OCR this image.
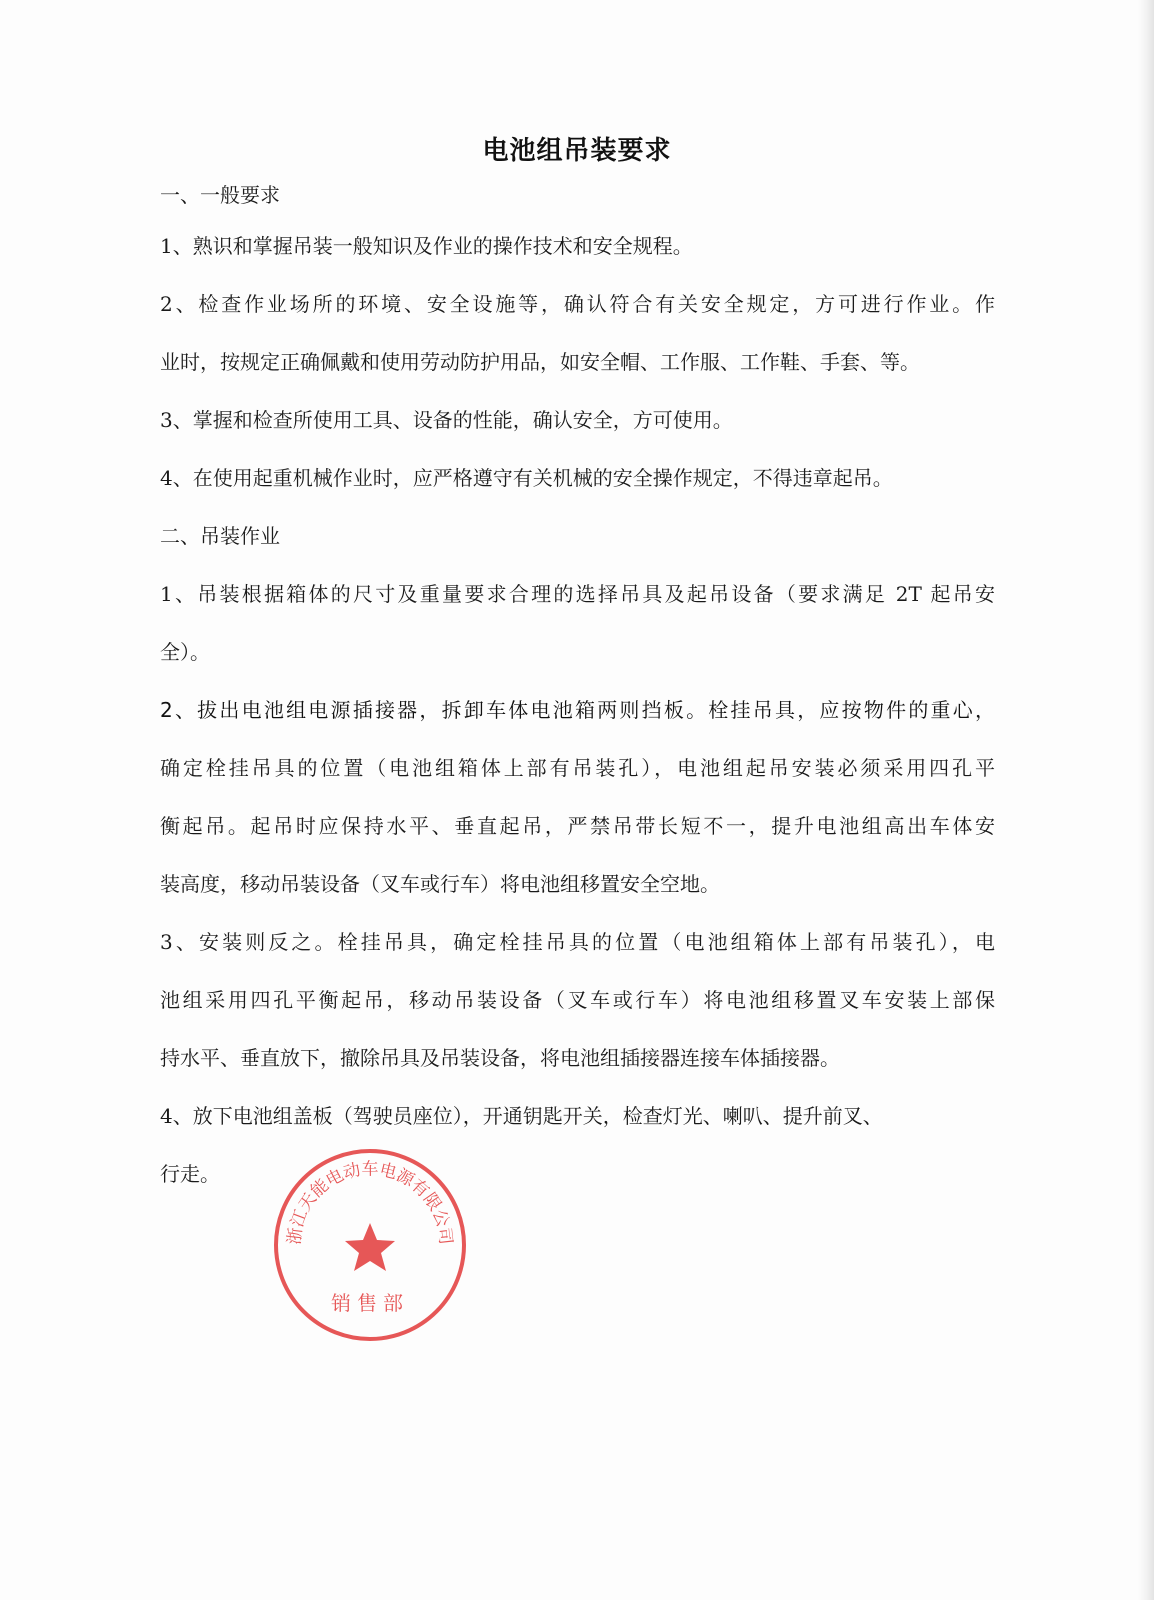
电池组吊装要求
一、一般要求
1、熟识和掌握吊装一般知识及作业的操作技术和安全规程。
2、检查作业场所的环境、安全设施等，确认符合有关安全规定，方可进行作业。作
业时，按规定正确佩戴和使用劳动防护用品，如安全帽、工作服、工作鞋、手套、等。
3、掌握和检查所使用工具、设备的性能，确认安全，方可使用。
4、在使用起重机械作业时，应严格遵守有关机械的安全操作规定，不得违章起吊。
二、吊装作业
1、吊装根据箱体的尺寸及重量要求合理的选择吊具及起吊设备（要求满足 2T 起吊安
全）。
2、拔出电池组电源插接器，拆卸车体电池箱两则挡板。栓挂吊具，应按物件的重心，
确定栓挂吊具的位置（电池组箱体上部有吊装孔），电池组起吊安装必须采用四孔平
衡起吊。起吊时应保持水平、垂直起吊，严禁吊带长短不一，提升电池组高出车体安
装高度，移动吊装设备（叉车或行车）将电池组移置安全空地。
3、安装则反之。栓挂吊具，确定栓挂吊具的位置（电池组箱体上部有吊装孔），电
池组采用四孔平衡起吊，移动吊装设备（叉车或行车）将电池组移置叉车安装上部保
持水平、垂直放下，撤除吊具及吊装设备，将电池组插接器连接车体插接器。
4、放下电池组盖板（驾驶员座位），开通钥匙开关，检查灯光、喇叭、提升前叉、
行走。
浙江天能电动车电源有限公司
销售部
